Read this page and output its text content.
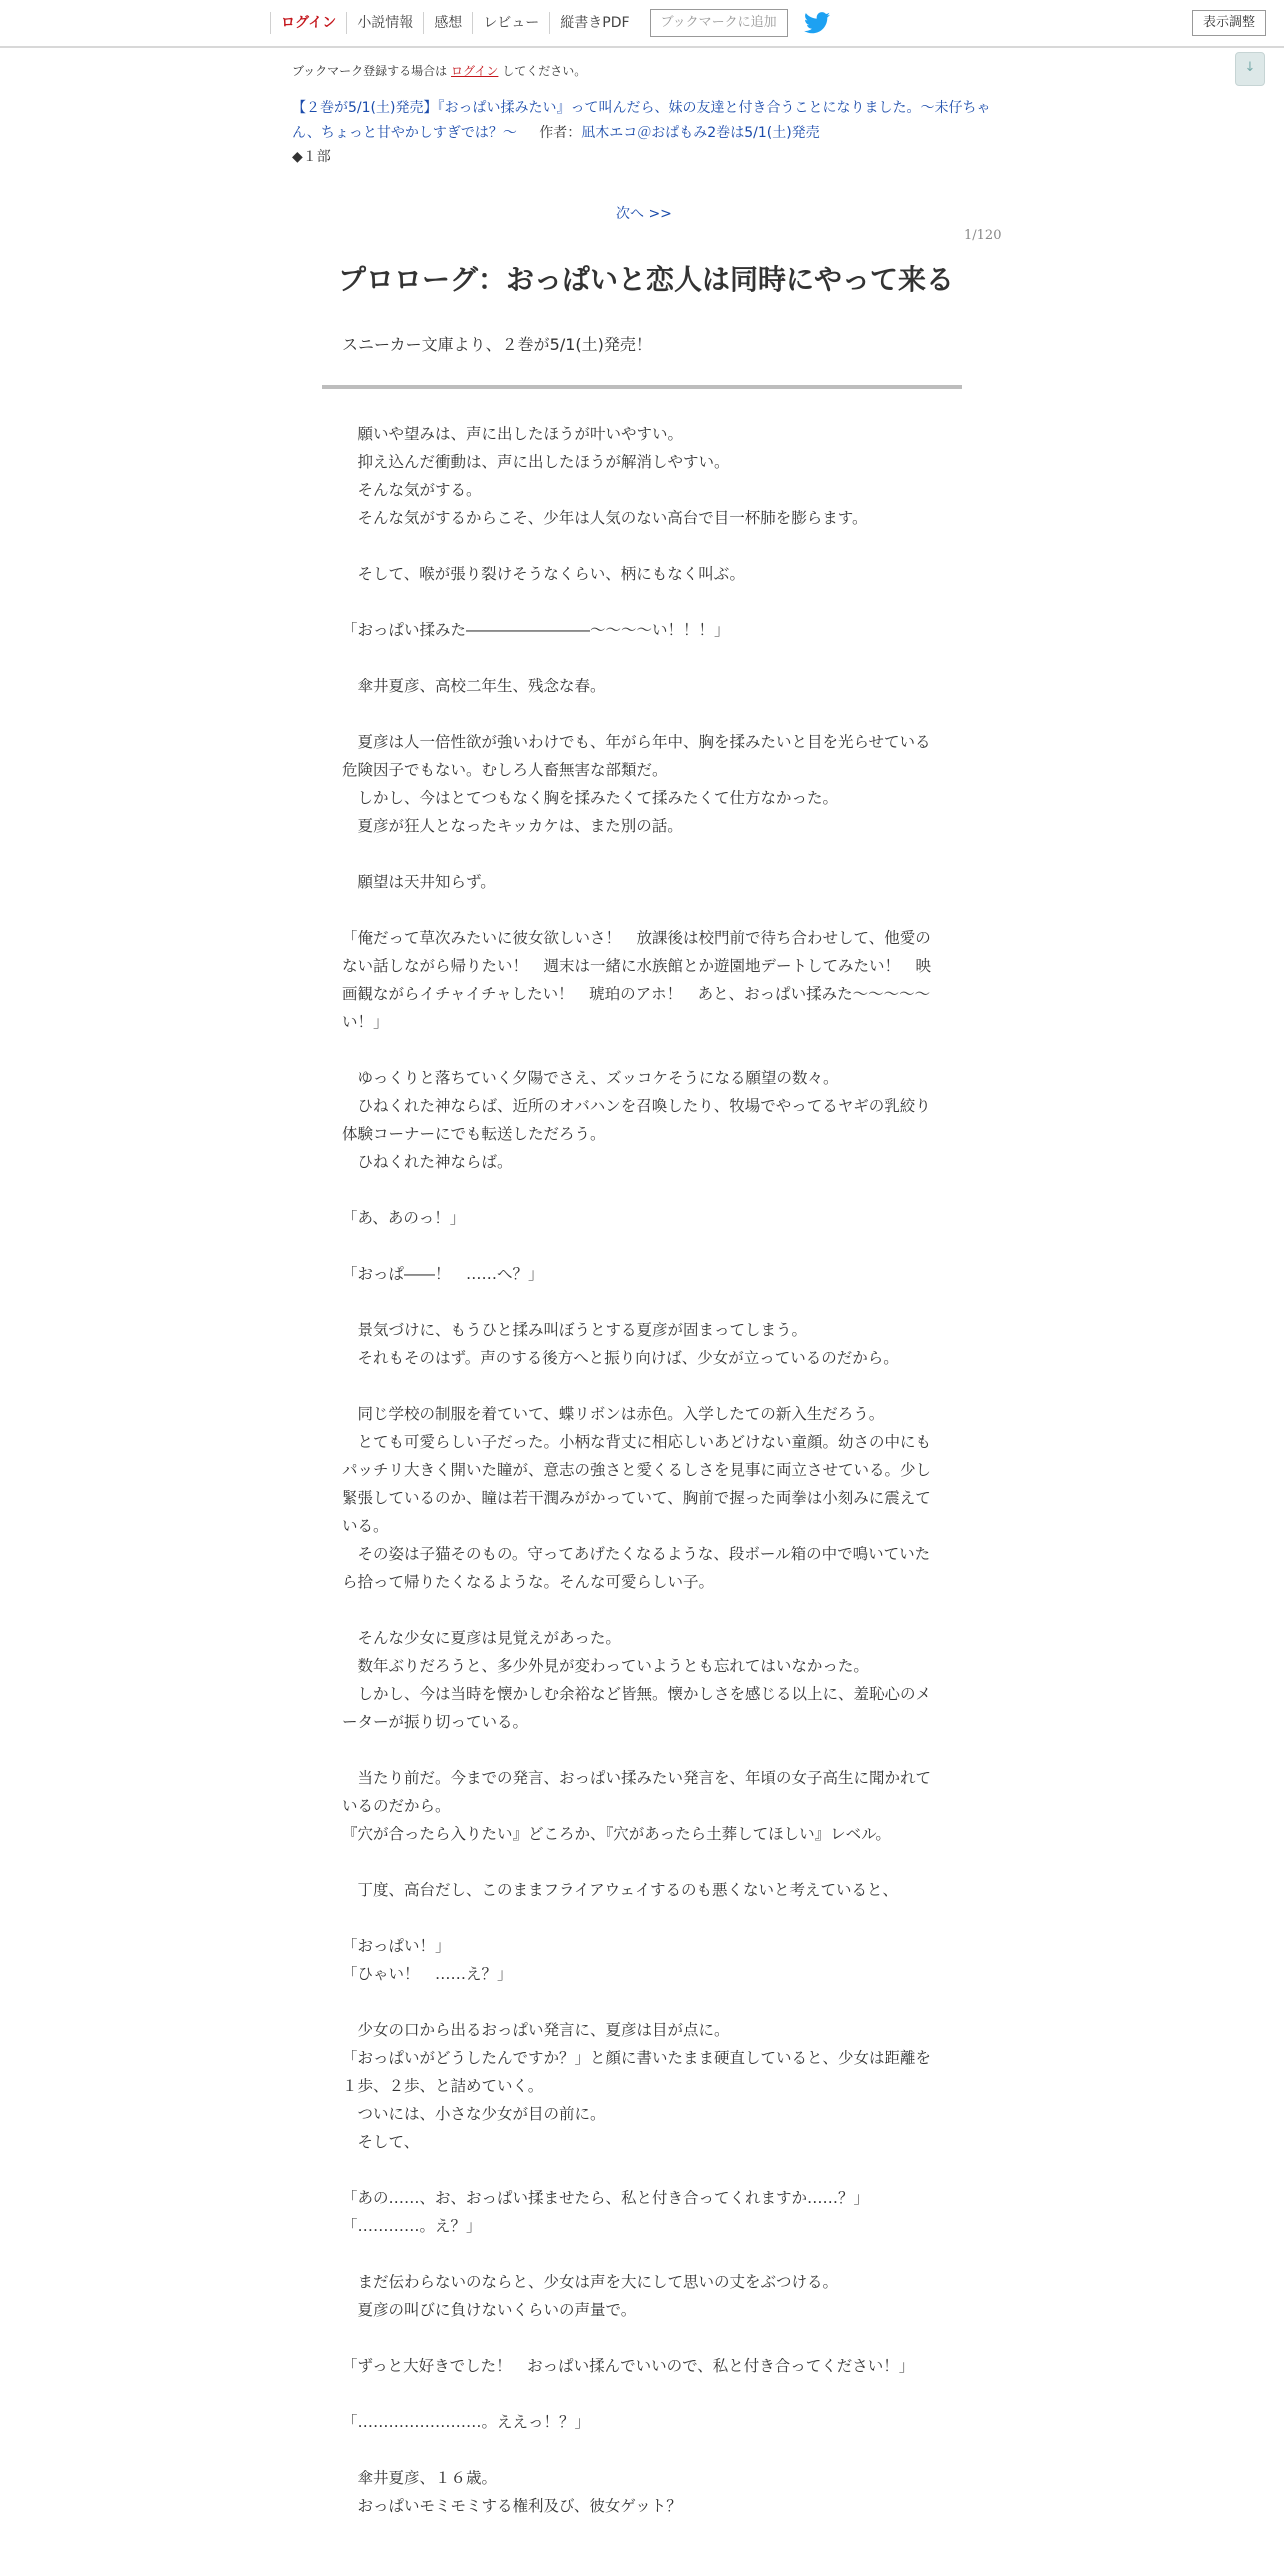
ログイン	小説情報	感想	レビュー	縦書きPDF	ブックマークに追加	表示調整
↓
ブックマーク登録する場合は ログイン してください。
【２巻が5/1(土)発売】『おっぱい揉みたい』って叫んだら、妹の友達と付き合うことになりました。～未仔ちゃん、ちょっと甘やかしすぎでは？～ 作者：凪木エコ＠おぱもみ2巻は5/1(土)発売
◆１部
次へ >>
1/120
プロローグ：おっぱいと恋人は同時にやって来る
スニーカー文庫より、２巻が5/1(土)発売！

　願いや望みは、声に出したほうが叶いやすい。

　抑え込んだ衝動は、声に出したほうが解消しやすい。

　そんな気がする。

　そんな気がするからこそ、少年は人気のない高台で目一杯肺を膨らます。

　そして、喉が張り裂けそうなくらい、柄にもなく叫ぶ。

「おっぱい揉みた――――――――～～～～い！！！」

　傘井夏彦、高校二年生、残念な春。

　夏彦は人一倍性欲が強いわけでも、年がら年中、胸を揉みたいと目を光らせている危険因子でもない。むしろ人畜無害な部類だ。

　しかし、今はとてつもなく胸を揉みたくて揉みたくて仕方なかった。

　夏彦が狂人となったキッカケは、また別の話。

　願望は天井知らず。

「俺だって草次みたいに彼女欲しいさ！　放課後は校門前で待ち合わせして、他愛のない話しながら帰りたい！　週末は一緒に水族館とか遊園地デートしてみたい！　映画観ながらイチャイチャしたい！　琥珀のアホ！　あと、おっぱい揉みた～～～～～い！」

　ゆっくりと落ちていく夕陽でさえ、ズッコケそうになる願望の数々。

　ひねくれた神ならば、近所のオバハンを召喚したり、牧場でやってるヤギの乳絞り体験コーナーにでも転送しただろう。

　ひねくれた神ならば。

「あ、あのっ！」

「おっぱ――！　……へ？」

　景気づけに、もうひと揉み叫ぼうとする夏彦が固まってしまう。

　それもそのはず。声のする後方へと振り向けば、少女が立っているのだから。

　同じ学校の制服を着ていて、蝶リボンは赤色。入学したての新入生だろう。

　とても可愛らしい子だった。小柄な背丈に相応しいあどけない童顔。幼さの中にもパッチリ大きく開いた瞳が、意志の強さと愛くるしさを見事に両立させている。少し緊張しているのか、瞳は若干潤みがかっていて、胸前で握った両拳は小刻みに震えている。

　その姿は子猫そのもの。守ってあげたくなるような、段ボール箱の中で鳴いていたら拾って帰りたくなるような。そんな可愛らしい子。

　そんな少女に夏彦は見覚えがあった。

　数年ぶりだろうと、多少外見が変わっていようとも忘れてはいなかった。

　しかし、今は当時を懐かしむ余裕など皆無。懐かしさを感じる以上に、羞恥心のメーターが振り切っている。

　当たり前だ。今までの発言、おっぱい揉みたい発言を、年頃の女子高生に聞かれているのだから。

『穴が合ったら入りたい』どころか、『穴があったら土葬してほしい』レベル。

　丁度、高台だし、このままフライアウェイするのも悪くないと考えていると、

「おっぱい！」

「ひゃい！　……え？」

　少女の口から出るおっぱい発言に、夏彦は目が点に。

「おっぱいがどうしたんですか？」と顔に書いたまま硬直していると、少女は距離を１歩、２歩、と詰めていく。

　ついには、小さな少女が目の前に。

　そして、

「あの……、お、おっぱい揉ませたら、私と付き合ってくれますか……？」

「…………。え？」

　まだ伝わらないのならと、少女は声を大にして思いの丈をぶつける。

　夏彦の叫びに負けないくらいの声量で。

「ずっと大好きでした！　おっぱい揉んでいいので、私と付き合ってください！」

「……………………。ええっ！？」

　傘井夏彦、１６歳。

　おっぱいモミモミする権利及び、彼女ゲット？
